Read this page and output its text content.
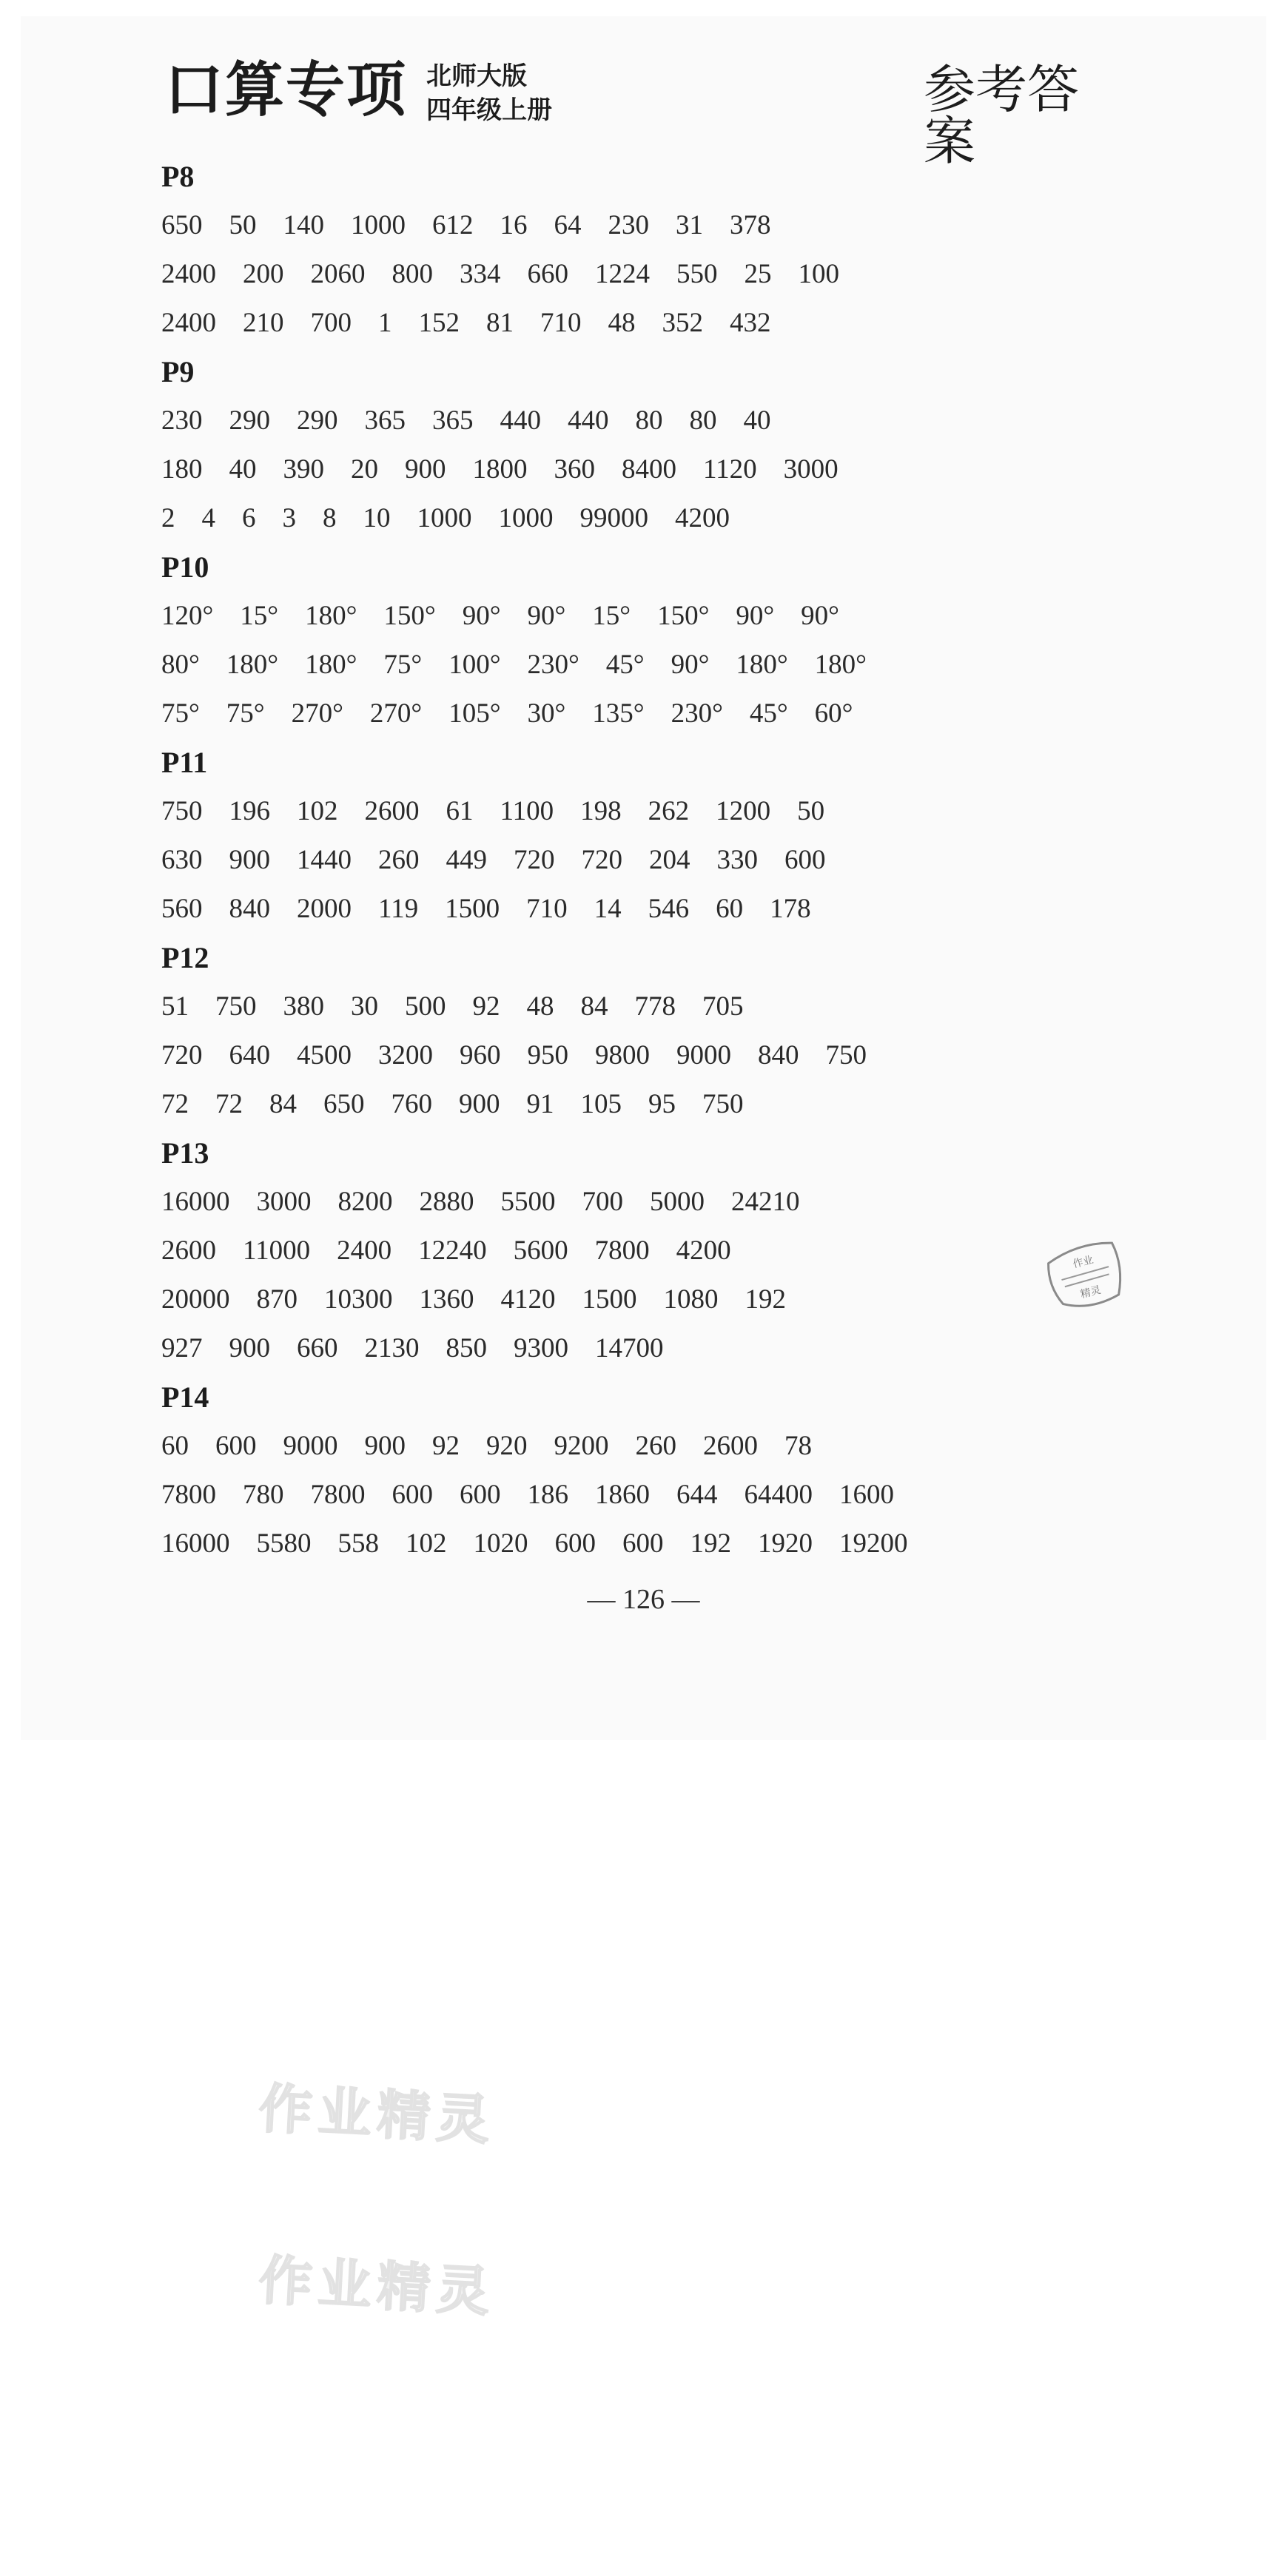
口算专项 北师大版
四年级上册	参考答案
P8
650 50 140 1000 612 16 64 230 31 378
2400 200 2060 800 334 660 1224 550 25 100
2400 210 700 1 152 81 710 48 352 432
P9
230 290 290 365 365 440 440 80 80 40
180 40 390 20 900 1800 360 8400 1120 3000
2 4 6 3 8 10 1000 1000 99000 4200
P10
120° 15° 180° 150° 90° 90° 15° 150° 90° 90°
80° 180° 180° 75° 100° 230° 45° 90° 180° 180°
75° 75° 270° 270° 105° 30° 135° 230° 45° 60°
P11
750 196 102 2600 61 1100 198 262 1200 50
630 900 1440 260 449 720 720 204 330 600
560 840 2000 119 1500 710 14 546 60 178
P12
51 750 380 30 500 92 48 84 778 705
720 640 4500 3200 960 950 9800 9000 840 750
72 72 84 650 760 900 91 105 95 750
P13
16000 3000 8200 2880 5500 700 5000 24210
2600 11000 2400 12240 5600 7800 4200
20000 870 10300 1360 4120 1500 1080 192
927 900 660 2130 850 9300 14700
P14
60 600 9000 900 92 920 9200 260 2600 78
7800 780 7800 600 600 186 1860 644 64400 1600
16000 5580 558 102 1020 600 600 192 1920 19200
— 126 —
作业
精灵
作业精灵
作业精灵
